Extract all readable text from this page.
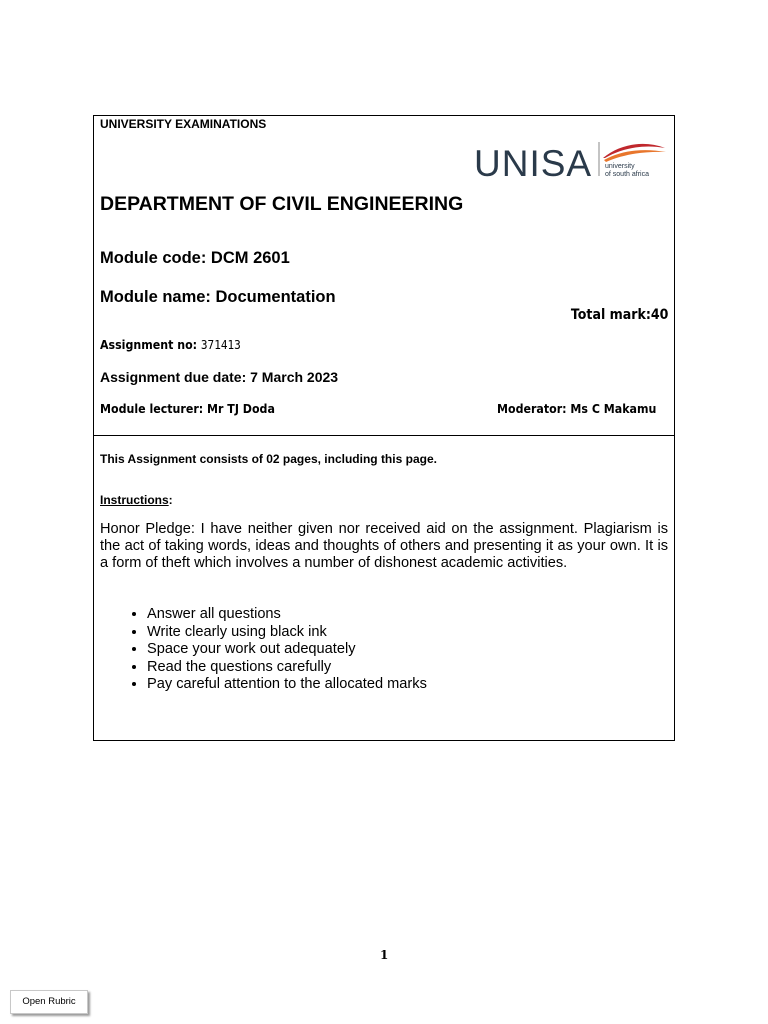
UNIVERSITY EXAMINATIONS
UNISA university
of south africa
DEPARTMENT OF CIVIL ENGINEERING
Module code: DCM 2601
Module name: Documentation
Total mark:40
Assignment no: 371413
Assignment due date: 7 March 2023
Module lecturer: Mr TJ Doda	Moderator: Ms C Makamu
This Assignment consists of 02 pages, including this page.
Instructions:
Honor Pledge: I have neither given nor received aid on the assignment. Plagiarism is the act of taking words, ideas and thoughts of others and presenting it as your own. It is a form of theft which involves a number of dishonest academic activities.
• Answer all questions
• Write clearly using black ink
• Space your work out adequately
• Read the questions carefully
• Pay careful attention to the allocated marks
1
Open Rubric
